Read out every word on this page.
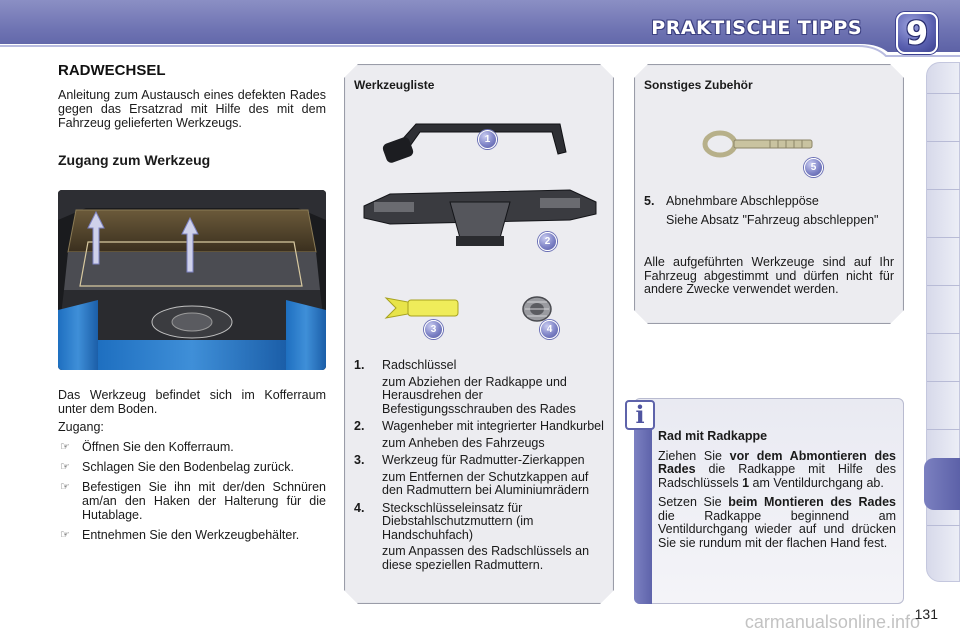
PRAKTISCHE TIPPS 9
RADWECHSEL

Anleitung zum Austausch eines defekten Rades gegen das Ersatzrad mit Hilfe des mit dem Fahrzeug gelieferten Werkzeugs.

Zugang zum Werkzeug

Das Werkzeug befindet sich im Kofferraum unter dem Boden.

Zugang:

☞ Öffnen Sie den Kofferraum.
☞ Schlagen Sie den Bodenbelag zurück.
☞ Befestigen Sie ihn mit der/den Schnüren am/an den Haken der Halterung für die Hutablage.
☞ Entnehmen Sie den Werkzeugbehälter.
Werkzeugliste
1
2
3	4
1. Radschlüssel
zum Abziehen der Radkappe und Herausdrehen der Befestigungsschrauben des Rades
2. Wagenheber mit integrierter Handkurbel
zum Anheben des Fahrzeugs
3. Werkzeug für Radmutter-Zierkappen
zum Entfernen der Schutzkappen auf den Radmuttern bei Aluminiumrädern
4. Steckschlüsseleinsatz für Diebstahlschutzmuttern (im Handschuhfach)
zum Anpassen des Radschlüssels an diese speziellen Radmuttern.
Sonstiges Zubehör
5
5. Abnehmbare Abschleppöse
Siehe Absatz "Fahrzeug abschleppen"

Alle aufgeführten Werkzeuge sind auf Ihr Fahrzeug abgestimmt und dürfen nicht für andere Zwecke verwendet werden.

i
Rad mit Radkappe

Ziehen Sie vor dem Abmontieren des Rades die Radkappe mit Hilfe des Radschlüssels 1 am Ventildurchgang ab.

Setzen Sie beim Montieren des Rades die Radkappe beginnend am Ventildurchgang wieder auf und drücken Sie sie rundum mit der flachen Hand fest.

carmanualsonline.info
131
